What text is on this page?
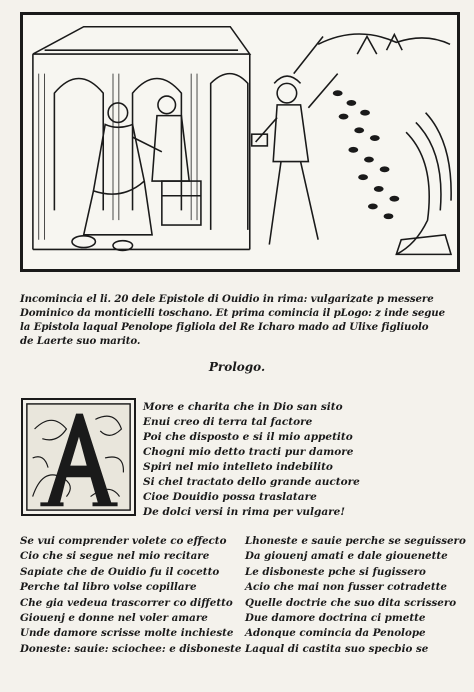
Incomincia el li. 20 dele Epistole di Ouidio in rima: vulgarizate p messere
Dominico da monticielli toschano. Et prima comincia il pLogo: z inde segue
la Epistola laqual Penolope figliola del Re Icharo mado ad Ulixe figliuolo
de Laerte suo marito.
Prologo.
More e charita che in Dio san sito
Enui creo di terra tal factore
Poi che disposto e si il mio appetito
Chogni mio detto tracti pur damore
Spiri nel mio intelleto indebilito
Si chel tractato dello grande auctore
Cioe Douidio possa traslatare
De dolci versi in rima per vulgare!
Se vui comprender volete co effecto
Cio che si segue nel mio recitare
Sapiate che de Ouidio fu il cocetto
Perche tal libro volse copillare
Che gia vedeua trascorrer co diffetto
Giouenj e donne nel voler amare
Unde damore scrisse molte inchieste
Doneste: sauie: sciochee: e disboneste
Lhoneste e sauie perche se seguissero
Da giouenj amati e dale giouenette
Le disboneste pche si fugissero
Acio che mai non fusser cotradette
Quelle doctrie che suo dita scrissero
Due damore doctrina ci pmette
Adonque comincia da Penolope
Laqual di castita suo specbio se
